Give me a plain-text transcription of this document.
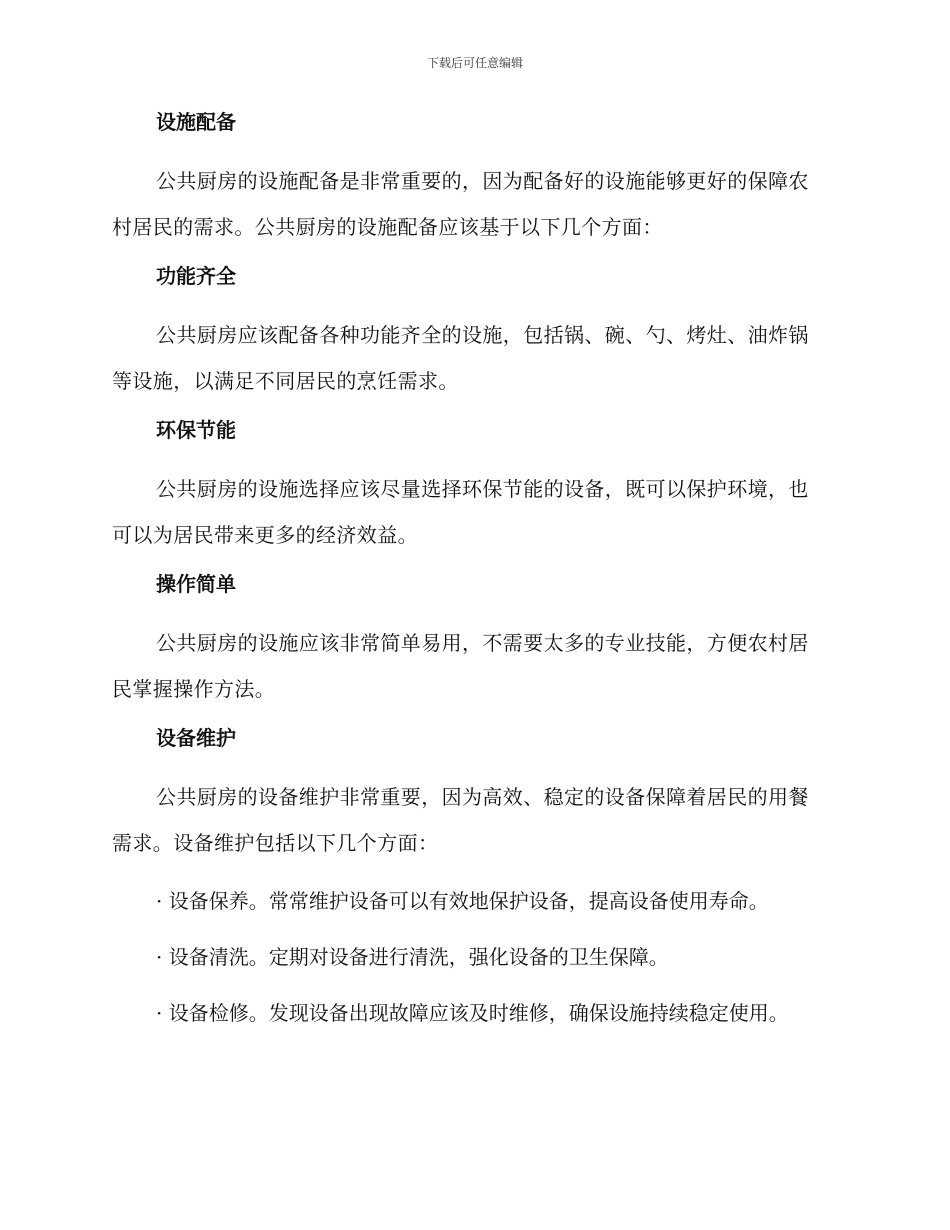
下载后可任意编辑
设施配备

公共厨房的设施配备是非常重要的，因为配备好的设施能够更好的保障农村居民的需求。公共厨房的设施配备应该基于以下几个方面：

功能齐全

公共厨房应该配备各种功能齐全的设施，包括锅、碗、勺、烤灶、油炸锅等设施，以满足不同居民的烹饪需求。

环保节能

公共厨房的设施选择应该尽量选择环保节能的设备，既可以保护环境，也可以为居民带来更多的经济效益。

操作简单

公共厨房的设施应该非常简单易用，不需要太多的专业技能，方便农村居民掌握操作方法。

设备维护

公共厨房的设备维护非常重要，因为高效、稳定的设备保障着居民的用餐需求。设备维护包括以下几个方面：

· 设备保养。常常维护设备可以有效地保护设备，提高设备使用寿命。

· 设备清洗。定期对设备进行清洗，强化设备的卫生保障。

· 设备检修。发现设备出现故障应该及时维修，确保设施持续稳定使用。
